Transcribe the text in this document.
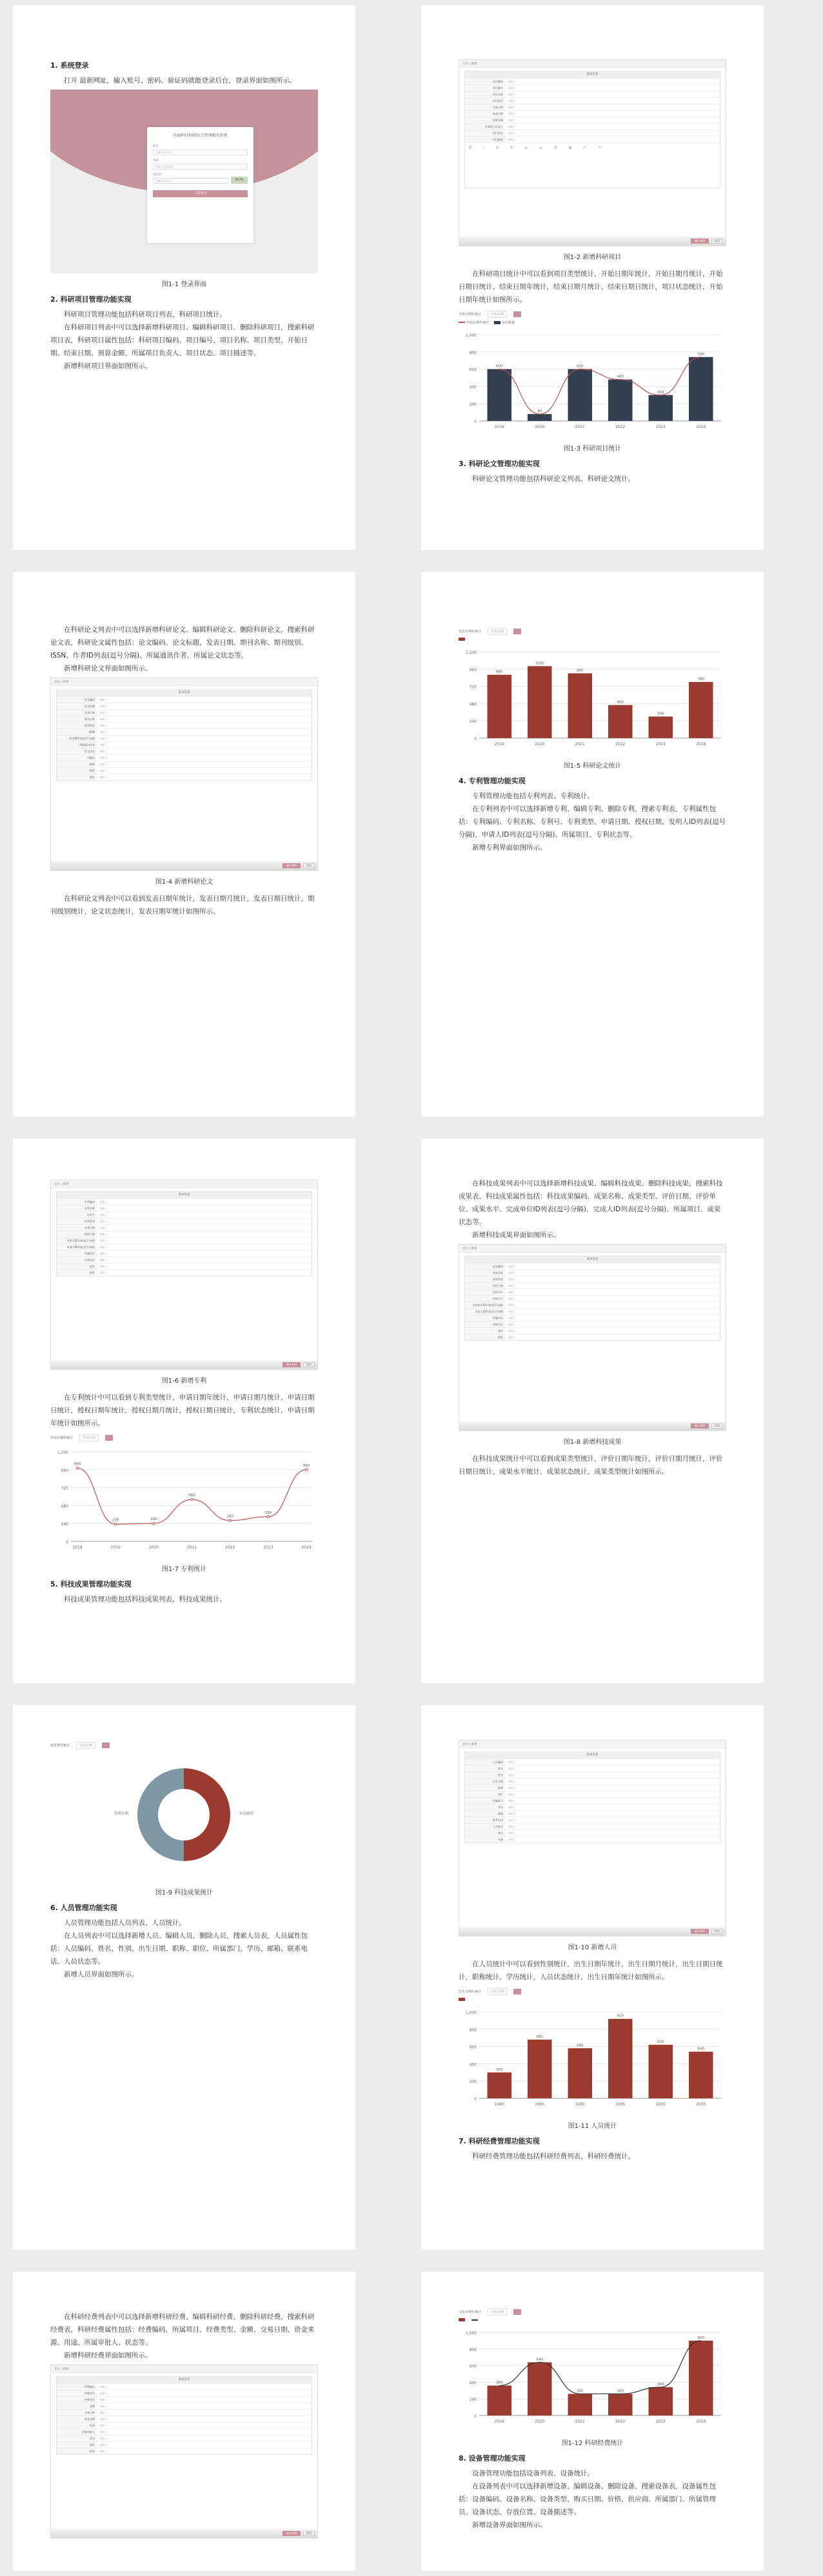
1. 系统登录
打开 最新网址，输入账号、密码、验证码就能登录后台，登录界面如图所示。
佳园科技科研综合管理服务系统
账号
请输入您的账号
密码
请输入您的密码
验证码
请输入验证码	4n7k
立即登录
图1-1 登录界面
2. 科研项目管理功能实现
科研项目管理功能包括科研项目列表、科研项目统计。
在科研项目列表中可以选择新增科研项目、编辑科研项目、删除科研项目，搜索科研项目表，科研项目属性包括：科研项目编码、项目编号、项目名称、项目类型、开始日期、结束日期、预算金额、所属项目负责人、项目状态、项目描述等。
新增科研项目界面如图所示。
首页 / 新增
基本信息
项目编码	请输入
项目编号	请输入
项目名称	请输入
项目类型	请输入
开始日期	请输入
结束日期	请输入
预算金额	请输入
所属项目负责人	请输入
项目状态	请输入
项目描述	请输入
B I U S ≡ ≡ ☰ ⧉ ↶ ↷
确认新增	取消
图1-2 新增科研项目
在科研项目统计中可以看到项目类型统计，开始日期年统计，开始日期月统计，开始日期日统计，结束日期年统计，结束日期月统计，结束日期日统计，项目状态统计，开始日期年统计如图所示。
开始日期年统计	开始日期
开始日期年统计	项目数量
0
200
400
600
800
1,000
600
2019
80
2020
600
2021
480
2022
300
2023
740
2024
图1-3 科研项目统计
3. 科研论文管理功能实现
科研论文管理功能包括科研论文列表、科研论文统计。
在科研论文列表中可以选择新增科研论文、编辑科研论文、删除科研论文，搜索科研论文表，科研论文属性包括：论文编码、论文标题、发表日期、期刊名称、期刊级别、ISSN、作者ID列表(逗号分隔)、所属通讯作者、所属论文状态等。
新增科研论文界面如图所示。
首页 / 新增
基本信息
论文编码	请输入
论文标题	请输入
发表日期	请输入
期刊名称	请输入
期刊级别	请输入
ISSN	请输入
作者ID列表(逗号分隔)	请输入
所属通讯作者	请输入
论文状态	请输入
关键词	请输入
摘要	请输入
附件	请输入
备注	请输入
确认新增	取消
图1-4 新增科研论文
在科研论文列表中可以看到发表日期年统计，发表日期月统计，发表日期日统计，期刊级别统计，论文状态统计，发表日期年统计如图所示。
发表日期年统计	开始日期
0
240
480
720
960
1,200
880
2019
1000
2020
900
2021
460
2022
300
2023
780
2024
图1-5 科研论文统计
4. 专利管理功能实现
专利管理功能包括专利列表、专利统计。
在专利列表中可以选择新增专利、编辑专利、删除专利，搜索专利表，专利属性包括：专利编码、专利名称、专利号、专利类型、申请日期、授权日期、发明人ID列表(逗号分隔)、申请人ID列表(逗号分隔)、所属项目、专利状态等。
新增专利界面如图所示。
首页 / 新增
基本信息
专利编码	请输入
专利名称	请输入
专利号	请输入
专利类型	请输入
申请日期	请输入
授权日期	请输入
发明人ID列表(逗号分隔)	请输入
申请人ID列表(逗号分隔)	请输入
所属项目	请输入
专利状态	请输入
备注	请输入
附件	请输入
确认新增	取消
图1-6 新增专利
在专利统计中可以看到专利类型统计，申请日期年统计，申请日期月统计，申请日期日统计，授权日期年统计，授权日期月统计，授权日期日统计，专利状态统计，申请日期年统计如图所示。
申请日期年统计	开始日期
0
240
480
720
960
1,200
980
2018
230
2019
240
2020
560
2021
280
2022
330
2023
960
2024
图1-7 专利统计
5. 科技成果管理功能实现
科技成果管理功能包括科技成果列表、科技成果统计。
在科技成果列表中可以选择新增科技成果、编辑科技成果、删除科技成果，搜索科技成果表，科技成果属性包括：科技成果编码、成果名称、成果类型、评价日期、评价单位、成果水平、完成单位ID列表(逗号分隔)、完成人ID列表(逗号分隔)、所属项目、成果状态等。
新增科技成果界面如图所示。
首页 / 新增
基本信息
成果编码	请输入
成果名称	请输入
成果类型	请输入
评价日期	请输入
评价单位	请输入
成果水平	请输入
完成单位ID列表(逗号分隔)	请输入
完成人ID列表(逗号分隔)	请输入
所属项目	请输入
成果状态	请输入
备注	请输入
附件	请输入
确认新增	取消
图1-8 新增科技成果
在科技成果统计中可以看到成果类型统计，评价日期年统计，评价日期月统计，评价日期日统计，成果水平统计，成果状态统计，成果类型统计如图所示。
成果类型统计	开始日期
实用新型
发明专利
图1-9 科技成果统计
6. 人员管理功能实现
人员管理功能包括人员列表、人员统计。
在人员列表中可以选择新增人员、编辑人员、删除人员，搜索人员表，人员属性包括：人员编码、姓名、性别、出生日期、职称、职位、所属部门、学历、邮箱、联系电话、人员状态等。
新增人员界面如图所示。
首页 / 新增
基本信息
人员编码	请输入
姓名	请输入
性别	请输入
出生日期	请输入
职称	请输入
职位	请输入
所属部门	请输入
学历	请输入
邮箱	请输入
联系电话	请输入
人员状态	请输入
备注	请输入
头像	请输入
确认新增	取消
图1-10 新增人员
在人员统计中可以看到性别统计，出生日期年统计，出生日期月统计，出生日期日统计，职称统计，学历统计，人员状态统计，出生日期年统计如图所示。
出生日期年统计	开始日期
0
200
400
600
800
1,000
300
1980
680
1985
580
1990
920
1995
620
2000
540
2005
图1-11 人员统计
7. 科研经费管理功能实现
科研经费管理功能包括科研经费列表、科研经费统计。
在科研经费列表中可以选择新增科研经费、编辑科研经费、删除科研经费，搜索科研经费表，科研经费属性包括：经费编码、所属项目、经费类型、金额、交易日期、资金来源、用途、所属审批人、状态等。
新增科研经费界面如图所示。
首页 / 新增
基本信息
经费编码	请输入
所属项目	请输入
经费类型	请输入
金额	请输入
交易日期	请输入
资金来源	请输入
用途	请输入
所属审批人	请输入
状态	请输入
备注	请输入
附件	请输入
确认新增	取消
交易日期年统计	开始日期
0
200
400
600
800
1,000
360
2019
640
2020
260
2021
260
2022
340
2023
900
2024
图1-12 科研经费统计
8. 设备管理功能实现
设备管理功能包括设备列表、设备统计。
在设备列表中可以选择新增设备、编辑设备、删除设备，搜索设备表，设备属性包括：设备编码、设备名称、设备类型、购买日期、价格、供应商、所属部门、所属管理员、设备状态、存放位置、设备描述等。
新增设备界面如图所示。
